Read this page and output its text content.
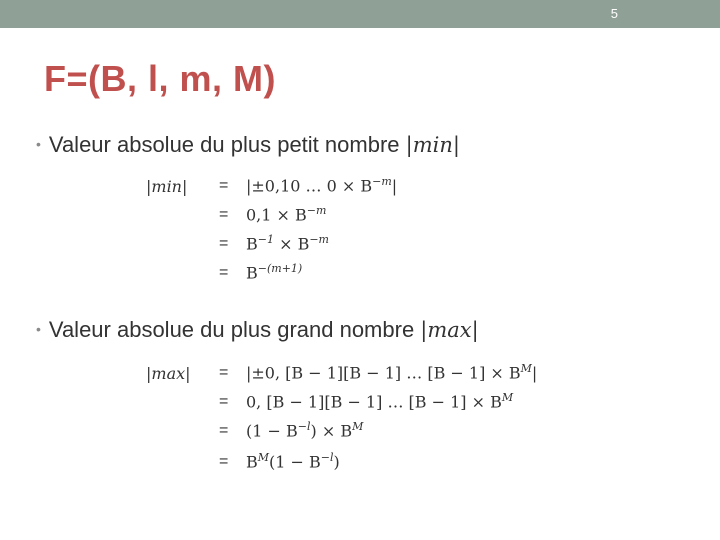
5
F=(B, l, m, M)
• Valeur absolue du plus petit nombre |min|
|min| = |±0,10 … $0 \times B^{-m}|$
= $0,1 \times B^{-m}$
= $B^{-1} \times B^{-m}$
= $B^{-(m+1)}$
• Valeur absolue du plus grand nombre |max|
|max| = |±0, [B − 1][B − 1] … $[B - 1] \times B^M|$
= 0, [B − 1][B − 1] … $[B - 1] \times B^M$
= $(1 - B^{-l}) \times B^M$
= $B^M(1 - B^{-l})$
